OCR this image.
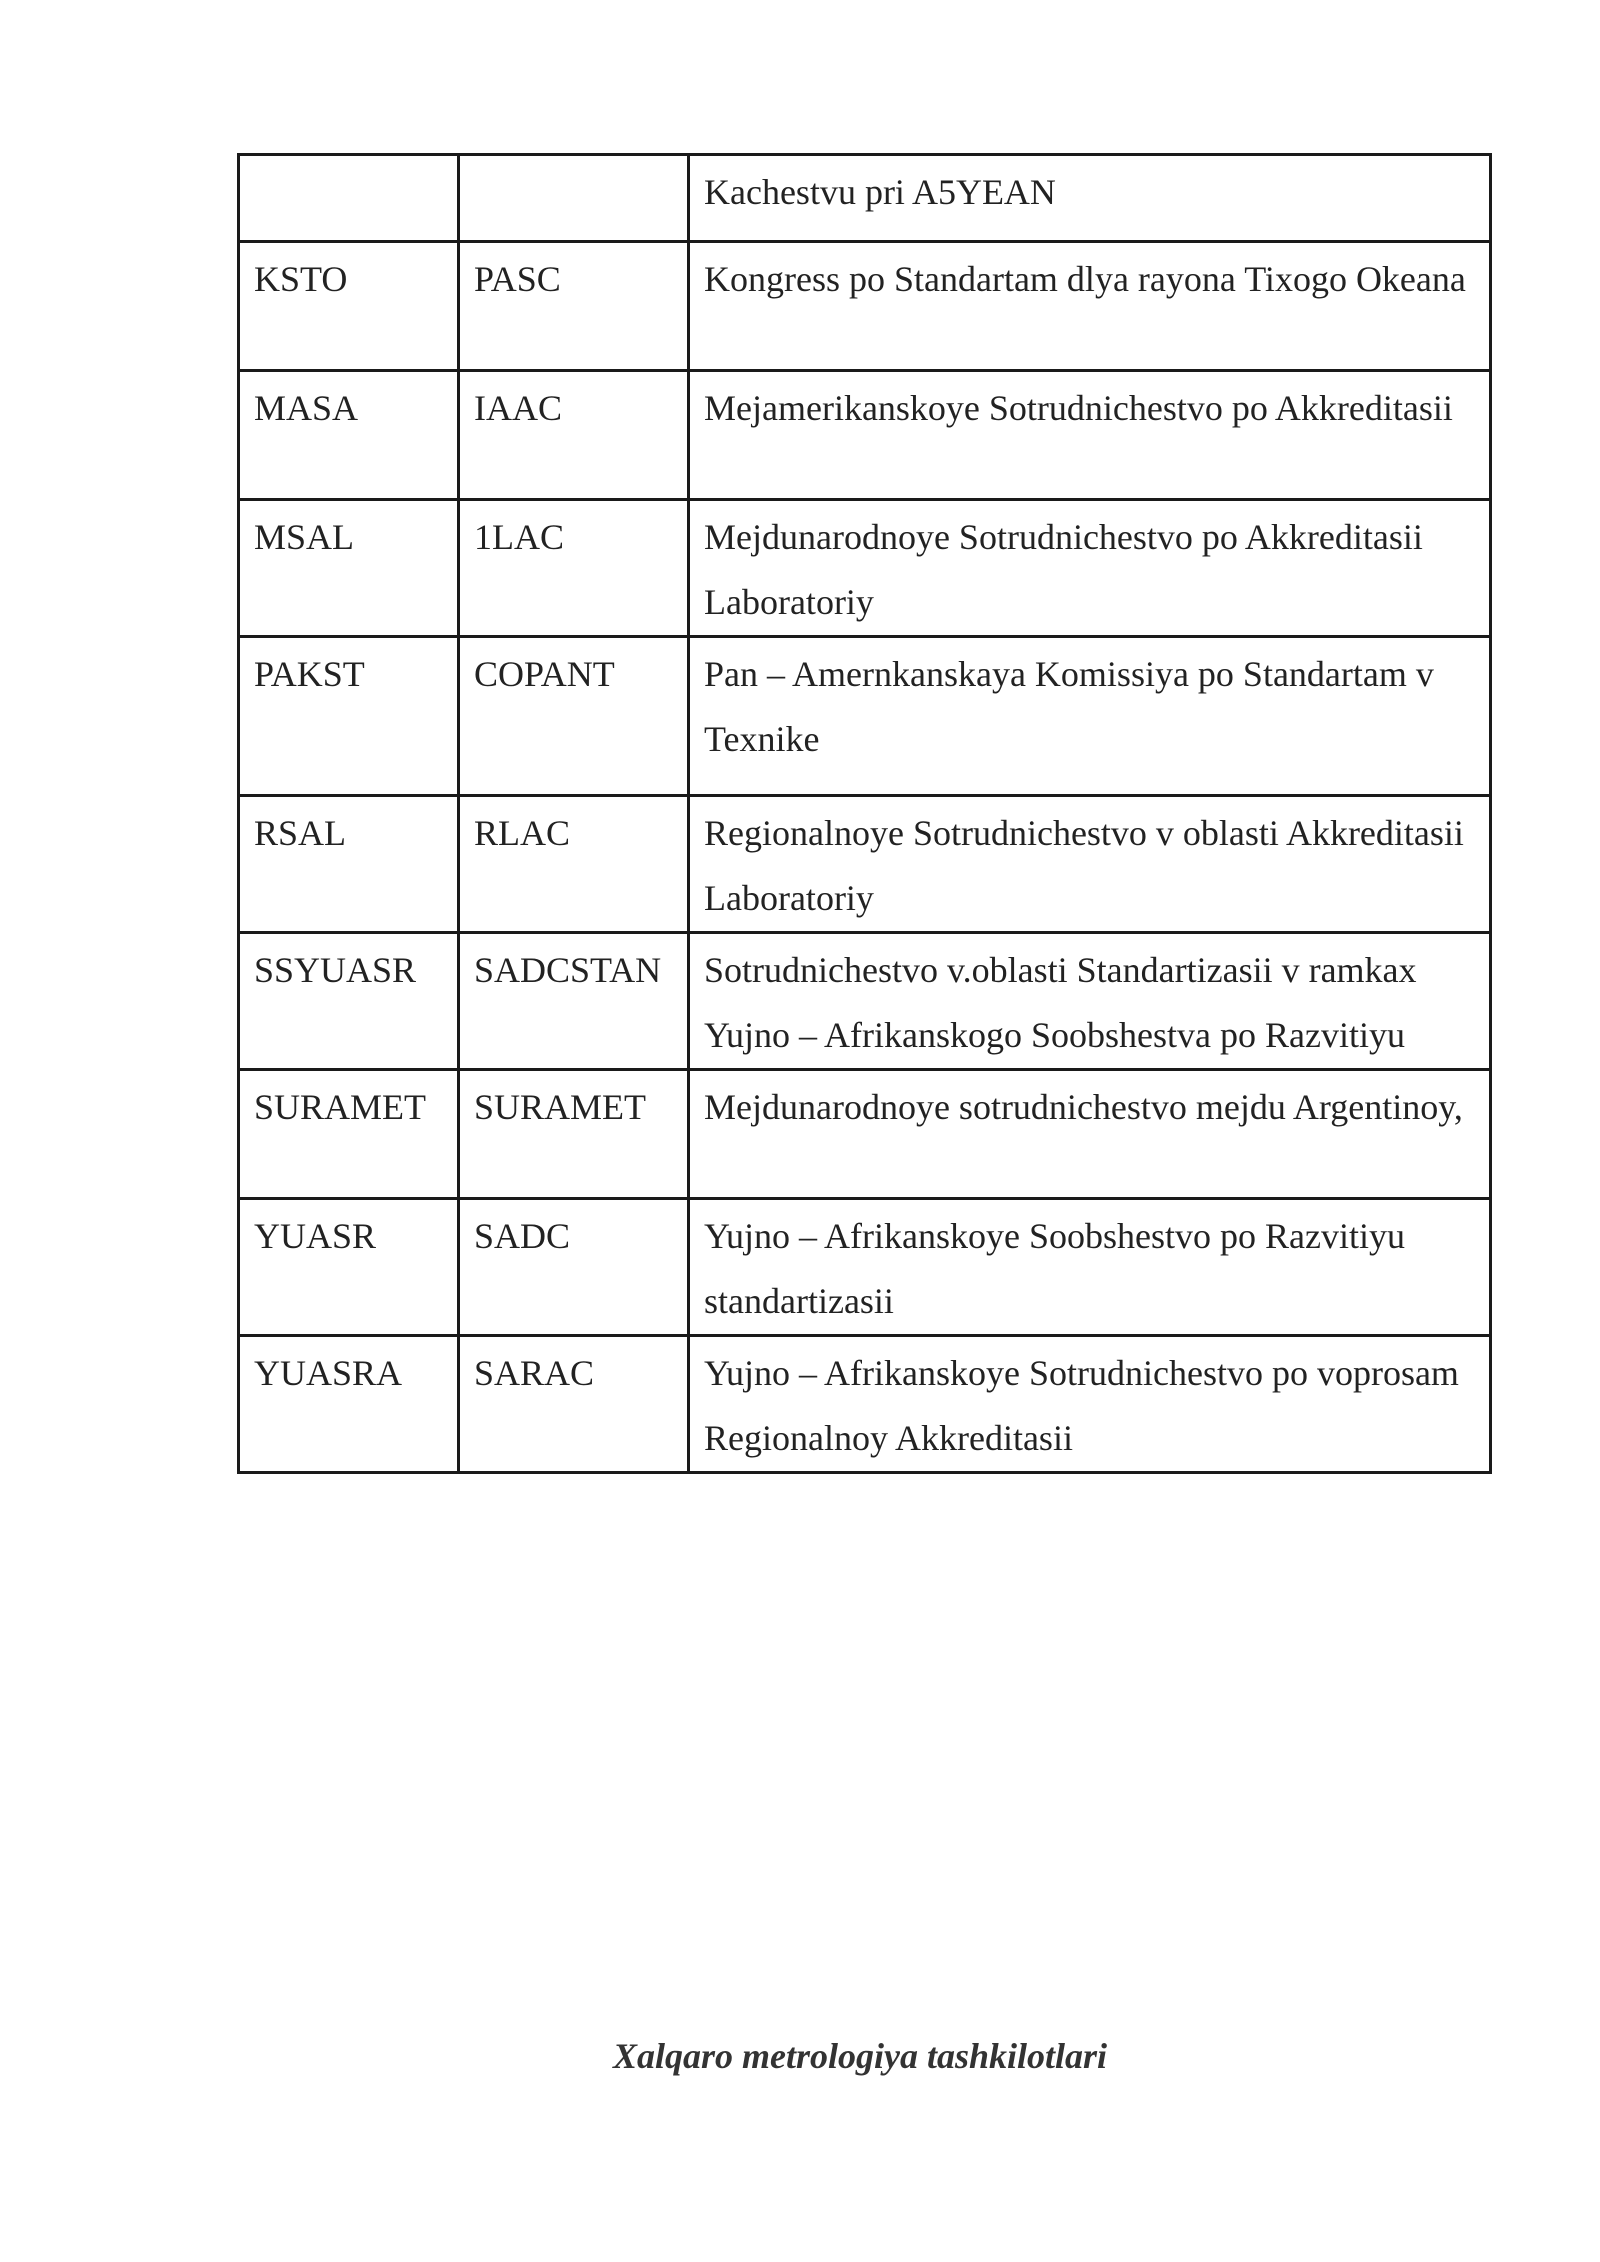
		Kachestvu pri A5YEAN
KSTO	PASC	Kongress po Standartam dlya rayona Tixogo Okeana
MASA	IAAC	Mejamerikanskoye Sotrudnichestvo po Akkreditasii
MSAL	1LAC	Mejdunarodnoye Sotrudnichestvo po Akkreditasii Laboratoriy
PAKST	COPANT	Pan – Amernkanskaya Komissiya po Standartam v Texnike
RSAL	RLAC	Regionalnoye Sotrudnichestvo v oblasti Akkreditasii Laboratoriy
SSYUASR	SADCSTAN	Sotrudnichestvo v.oblasti Standartizasii v ramkax Yujno – Afrikanskogo Soobshestva po Razvitiyu
SURAMET	SURAMET	Mejdunarodnoye sotrudnichestvo mejdu Argentinoy,
YUASR	SADC	Yujno – Afrikanskoye Soobshestvo po Razvitiyu standartizasii
YUASRA	SARAC	Yujno – Afrikanskoye Sotrudnichestvo po voprosam Regionalnoy Akkreditasii
Xalqaro metrologiya tashkilotlari
